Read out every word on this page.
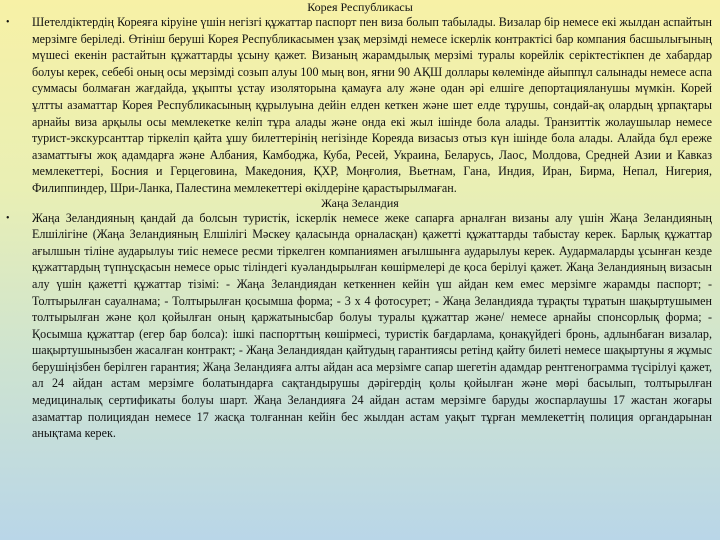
Корея Республикасы

• Шетелдіктердің Кореяға кіруіне үшін негізгі құжаттар паспорт пен виза болып табылады. Визалар бір немесе екі жылдан аспайтын мерзімге беріледі. Өтініш беруші Корея Республикасымен ұзақ мерзімді немесе іскерлік контрактісі бар компания басшылығының мүшесі екенін растайтын құжаттарды ұсыну қажет. Визаның жарамдылық мерзімі туралы корейлік серіктестікпен де хабардар болуы керек, себебі оның осы мерзімді созып алуы 100 мың вон, яғни 90 АҚШ доллары көлемінде айыппұл салынады немесе аспа суммасы болмаған жағдайда, ұқыпты ұстау изоляторына қамауға алу және одан әрі елшіге депортацияланушы мүмкін. Корей ұлтты азаматтар Корея Республикасының құрылуына дейін елден кеткен және шет елде тұрушы, сондай-ақ олардың ұрпақтары арнайы виза арқылы осы мемлекетке келіп тұра алады және онда екі жыл ішінде бола алады. Транзиттік жолаушылар немесе турист-экскурсанттар тіркеліп қайта ұшу билеттерінің негізінде Кореяда визасыз отыз күн ішінде бола алады. Алайда бұл ереже азаматтығы жоқ адамдарға және Албания, Камбоджа, Куба, Ресей, Украина, Беларусь, Лаос, Молдова, Средней Азии и Кавказ мемлекеттері, Босния и Герцеговина, Македония, ҚХР, Моңғолия, Вьетнам, Гана, Индия, Иран, Бирма, Непал, Нигерия, Филиппиндер, Шри-Ланка, Палестина мемлекеттері өкілдеріне қарастырылмаған.

Жаңа Зеландия

• Жаңа Зеландияның қандай да болсын туристік, іскерлік немесе жеке сапарға арналған визаны алу үшін Жаңа Зеландияның Елшілігіне (Жаңа Зеландияның Елшілігі Мәскеу қаласында орналасқан) қажетті құжаттарды табыстау керек. Барлық құжаттар ағылшын тіліне аударылуы тиіс немесе ресми тіркелген компаниямен ағылшынға аударылуы керек. Аудармаларды ұсынған кезде құжаттардың түпнұсқасын немесе орыс тіліндегі куәландырылған көшірмелері де қоса берілуі қажет. Жаңа Зеландияның визасын алу үшін қажетті құжаттар тізімі: - Жаңа Зеландиядан кеткеннен кейін үш айдан кем емес мерзімге жарамды паспорт; - Толтырылған сауалнама; - Толтырылған қосымша форма; - 3 х 4 фотосурет; - Жаңа Зеландияда тұрақты тұратын шақыртушымен толтырылған және қол қойылған оның қаржатынысбар болуы туралы құжаттар және/ немесе арнайы спонсорлық форма; - Қосымша құжаттар (егер бар болса): ішкі паспорттың көшірмесі, туристік бағдарлама, қонақүйдегі бронь, адлынбаған визалар, шақыртушынызбен жасалған контракт; - Жаңа Зеландиядан қайтудың гарантиясы ретінд қайту билеті немесе шақыртуны я жұмыс берушіңізбен берілген гарантия; Жаңа Зеландияға алты айдан аса мерзімге сапар шегетін адамдар рентгенограмма түсірілуі қажет, ал 24 айдан астам мерзімге болатындарға сақтандырушы дәрігердің қолы қойылған және мөрі басылып, толтырылған медициналық сертификаты болуы шарт. Жаңа Зеландияға 24 айдан астам мерзімге баруды жоспарлаушы 17 жастан жоғары азаматтар полициядан немесе 17 жасқа толғаннан кейін бес жылдан астам уақыт тұрған мемлекеттің полиция органдарынан анықтама керек.
